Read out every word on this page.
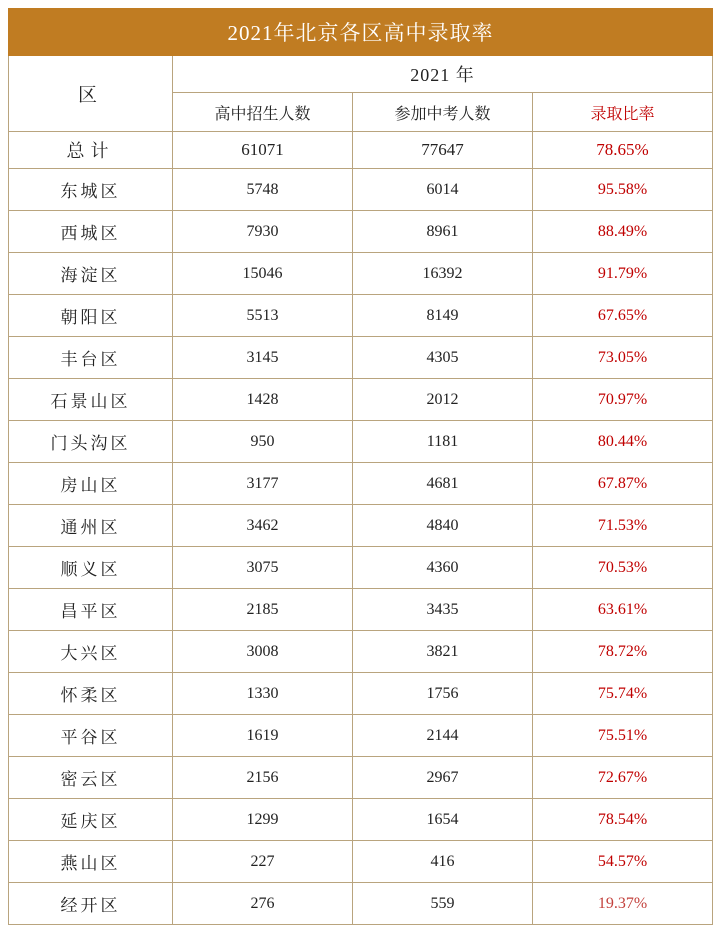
2021年北京各区高中录取率			
区	2021 年		
	高中招生人数	参加中考人数	录取比率
总计	61071	77647	78.65%
东城区	5748	6014	95.58%
西城区	7930	8961	88.49%
海淀区	15046	16392	91.79%
朝阳区	5513	8149	67.65%
丰台区	3145	4305	73.05%
石景山区	1428	2012	70.97%
门头沟区	950	1181	80.44%
房山区	3177	4681	67.87%
通州区	3462	4840	71.53%
顺义区	3075	4360	70.53%
昌平区	2185	3435	63.61%
大兴区	3008	3821	78.72%
怀柔区	1330	1756	75.74%
平谷区	1619	2144	75.51%
密云区	2156	2967	72.67%
延庆区	1299	1654	78.54%
燕山区	227	416	54.57%
经开区	276	559	19.37%
